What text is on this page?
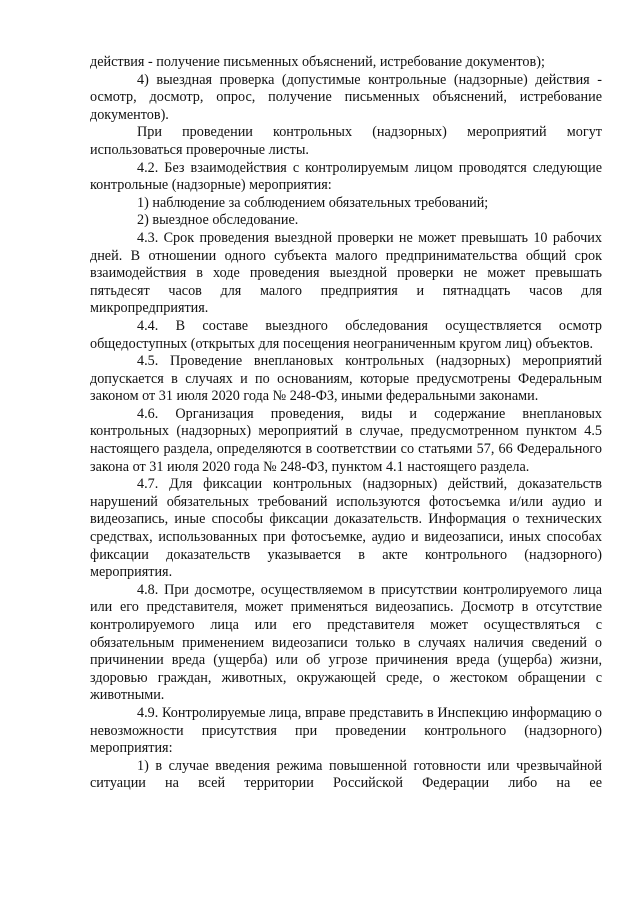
действия - получение письменных объяснений, истребование документов);

4) выездная проверка (допустимые контрольные (надзорные) действия - осмотр, досмотр, опрос, получение письменных объяснений, истребование документов).

При проведении контрольных (надзорных) мероприятий могут использоваться проверочные листы.

4.2. Без взаимодействия с контролируемым лицом проводятся следующие контрольные (надзорные) мероприятия:

1) наблюдение за соблюдением обязательных требований;

2) выездное обследование.

4.3. Срок проведения выездной проверки не может превышать 10 рабочих дней. В отношении одного субъекта малого предпринимательства общий срок взаимодействия в ходе проведения выездной проверки не может превышать пятьдесят часов для малого предприятия и пятнадцать часов для микропредприятия.

4.4. В составе выездного обследования осуществляется осмотр общедоступных (открытых для посещения неограниченным кругом лиц) объектов.

4.5. Проведение внеплановых контрольных (надзорных) мероприятий допускается в случаях и по основаниям, которые предусмотрены Федеральным законом от 31 июля 2020 года № 248-ФЗ, иными федеральными законами.

4.6. Организация проведения, виды и содержание внеплановых контрольных (надзорных) мероприятий в случае, предусмотренном пунктом 4.5 настоящего раздела, определяются в соответствии со статьями 57, 66 Федерального закона от 31 июля 2020 года № 248-ФЗ, пунктом 4.1 настоящего раздела.

4.7. Для фиксации контрольных (надзорных) действий, доказательств нарушений обязательных требований используются фотосъемка и/или аудио и видеозапись, иные способы фиксации доказательств. Информация о технических средствах, использованных при фотосъемке, аудио и видеозаписи, иных способах фиксации доказательств указывается в акте контрольного (надзорного) мероприятия.

4.8. При досмотре, осуществляемом в присутствии контролируемого лица или его представителя, может применяться видеозапись. Досмотр в отсутствие контролируемого лица или его представителя может осуществляться с обязательным применением видеозаписи только в случаях наличия сведений о причинении вреда (ущерба) или об угрозе причинения вреда (ущерба) жизни, здоровью граждан, животных, окружающей среде, о жестоком обращении с животными.

4.9. Контролируемые лица, вправе представить в Инспекцию информацию о невозможности присутствия при проведении контрольного (надзорного) мероприятия:

1) в случае введения режима повышенной готовности или чрезвычайной ситуации на всей территории Российской Федерации либо на ее
